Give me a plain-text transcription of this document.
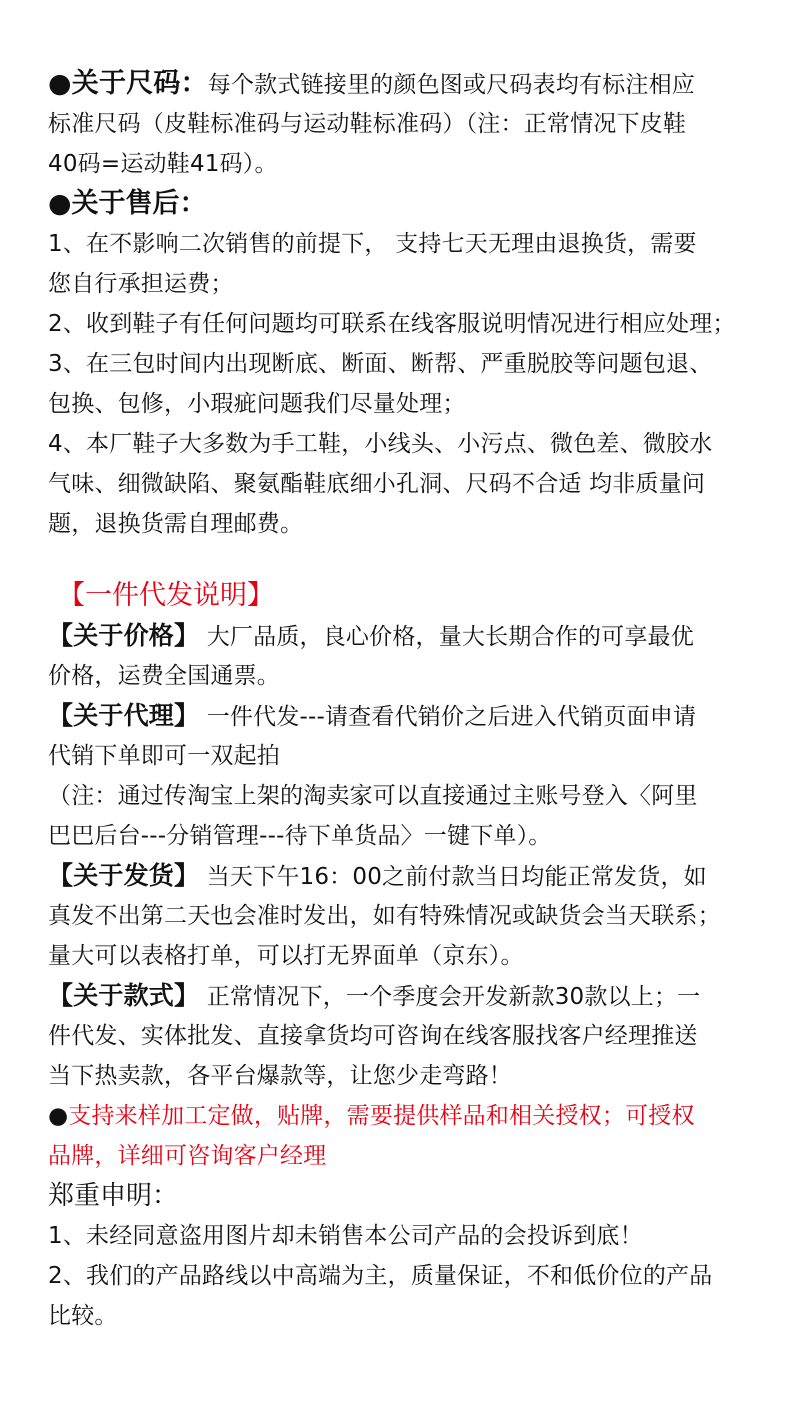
●关于尺码：每个款式链接里的颜色图或尺码表均有标注相应
标准尺码（皮鞋标准码与运动鞋标准码）（注：正常情况下皮鞋
40码=运动鞋41码）。
●关于售后：
1、在不影响二次销售的前提下， 支持七天无理由退换货，需要
您自行承担运费；
2、收到鞋子有任何问题均可联系在线客服说明情况进行相应处理；
3、在三包时间内出现断底、断面、断帮、严重脱胶等问题包退、
包换、包修，小瑕疵问题我们尽量处理；
4、本厂鞋子大多数为手工鞋，小线头、小污点、微色差、微胶水
气味、细微缺陷、聚氨酯鞋底细小孔洞、尺码不合适 均非质量问
题，退换货需自理邮费。
【一件代发说明】
【关于价格】 大厂品质，良心价格，量大长期合作的可享最优
价格，运费全国通票。
【关于代理】 一件代发---请查看代销价之后进入代销页面申请
代销下单即可一双起拍
（注：通过传淘宝上架的淘卖家可以直接通过主账号登入〈阿里
巴巴后台---分销管理---待下单货品〉一键下单）。
【关于发货】 当天下午16：00之前付款当日均能正常发货，如
真发不出第二天也会准时发出，如有特殊情况或缺货会当天联系；
量大可以表格打单，可以打无界面单（京东）。
【关于款式】 正常情况下，一个季度会开发新款30款以上；一
件代发、实体批发、直接拿货均可咨询在线客服找客户经理推送
当下热卖款，各平台爆款等，让您少走弯路！
●支持来样加工定做，贴牌，需要提供样品和相关授权；可授权
品牌，详细可咨询客户经理
郑重申明：
1、未经同意盗用图片却未销售本公司产品的会投诉到底！
2、我们的产品路线以中高端为主，质量保证，不和低价位的产品
比较。
